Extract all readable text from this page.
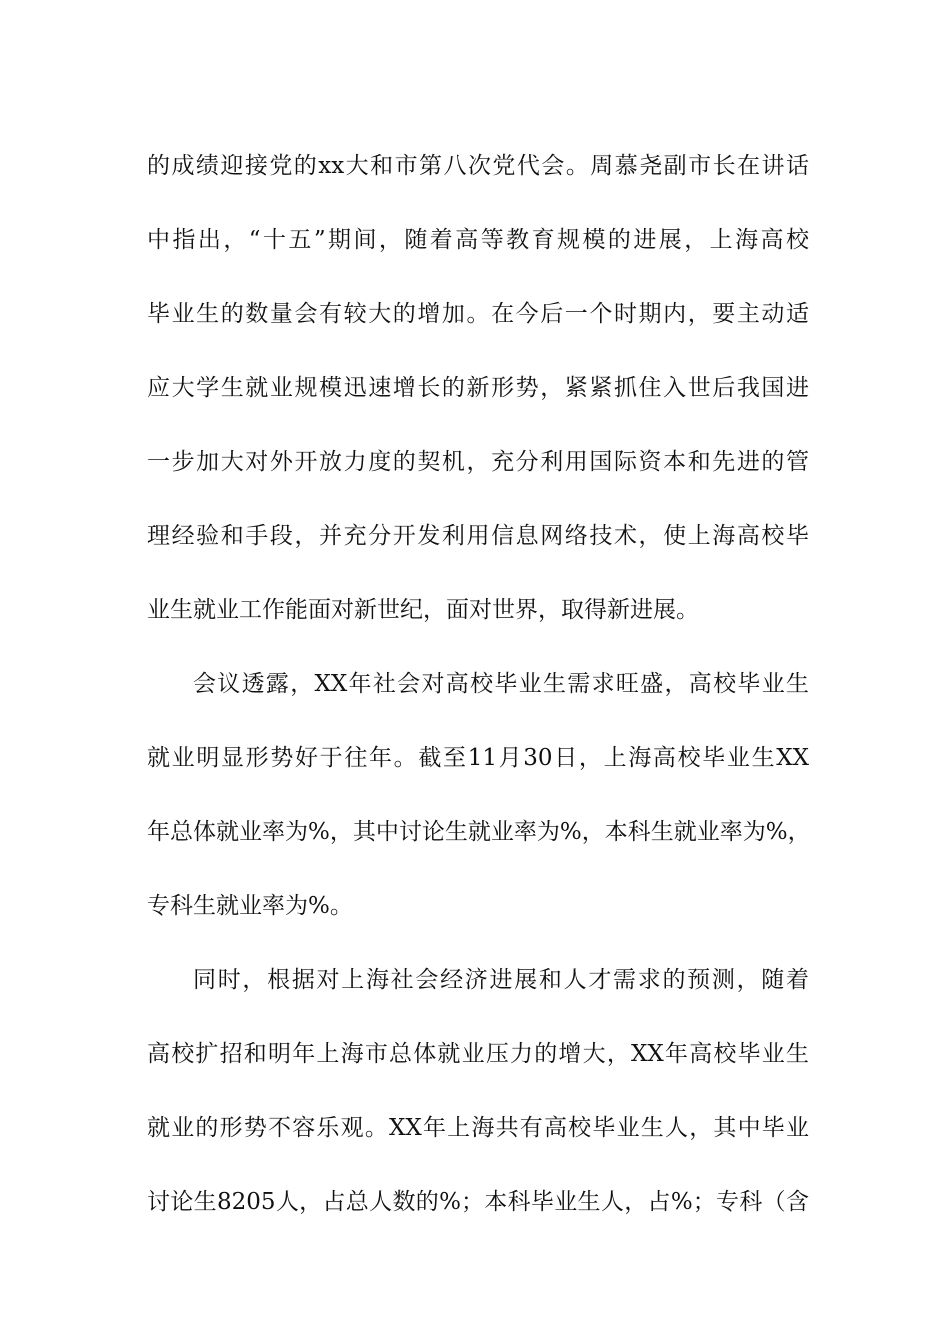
的成绩迎接党的xx大和市第八次党代会。周慕尧副市长在讲话
中指出，“十五”期间，随着高等教育规模的进展，上海高校
毕业生的数量会有较大的增加。在今后一个时期内，要主动适
应大学生就业规模迅速增长的新形势，紧紧抓住入世后我国进
一步加大对外开放力度的契机，充分利用国际资本和先进的管
理经验和手段，并充分开发利用信息网络技术，使上海高校毕
业生就业工作能面对新世纪，面对世界，取得新进展。
会议透露，XX年社会对高校毕业生需求旺盛，高校毕业生
就业明显形势好于往年。截至11月30日，上海高校毕业生XX
年总体就业率为%，其中讨论生就业率为%，本科生就业率为%，
专科生就业率为%。
同时，根据对上海社会经济进展和人才需求的预测，随着
高校扩招和明年上海市总体就业压力的增大，XX年高校毕业生
就业的形势不容乐观。XX年上海共有高校毕业生人，其中毕业
讨论生8205人，占总人数的%；本科毕业生人，占%；专科（含
